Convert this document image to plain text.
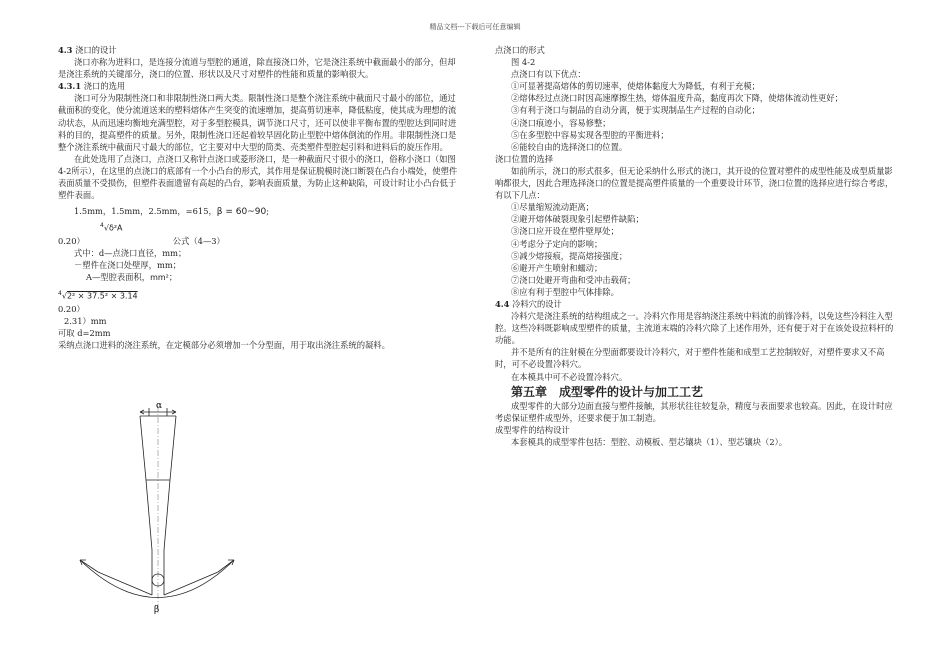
精品文档---下载后可任意编辑

4.3 浇口的设计

浇口亦称为进料口，是连接分流道与型腔的通道，除直接浇口外，它是浇注系统中截面最小的部分，但却是浇注系统的关键部分，浇口的位置、形状以及尺寸对塑件的性能和质量的影响很大。

4.3.1 浇口的选用

浇口可分为限制性浇口和非限制性浇口两大类。限制性浇口是整个浇注系统中截面尺寸最小的部位，通过截面积的变化，使分流道送来的塑料熔体产生突变的流速增加，提高剪切速率，降低粘度，使其成为理想的流动状态，从而迅速均衡地充满型腔，对于多型腔模具，调节浇口尺寸，还可以使非平衡布置的型腔达到同时进料的目的，提高塑件的质量。另外，限制性浇口还起着较早固化防止型腔中熔体倒流的作用。非限制性浇口是整个浇注系统中截面尺寸最大的部位，它主要对中大型的筒类、壳类塑件型腔起引料和进料后的旋压作用。

在此处选用了点浇口，点浇口又称针点浇口或菱形浇口，是一种截面尺寸很小的浇口，俗称小浇口（如图4-2所示），在这里的点浇口的底部有一个小凸台的形式，其作用是保证脱模时浇口断裂在凸台小端处，使塑件表面质量不受损伤，但塑件表面遗留有高起的凸台，影响表面质量，为防止这种缺陷，可设计时让小凸台低于塑件表面。

1.5mm，1.5mm，2.5mm，=615，β = 60~90;

$^4$√δ²A

0.20）	公式（4—3）

式中：d—点浇口直径，mm；

－塑件在浇口处壁厚，mm；

A—型腔表面积，mm²；

$^4$√2² × 37.5² × 3.14

0.20）

2.31）mm

可取 d=2mm

采纳点浇口进料的浇注系统，在定模部分必须增加一个分型面，用于取出浇注系统的凝料。

α
β

点浇口的形式

图 4-2

点浇口有以下优点：

①可显著提高熔体的剪切速率，使熔体黏度大为降低，有利于充模；

②熔体经过点浇口时因高速摩擦生热，熔体温度升高，黏度再次下降，使熔体流动性更好；

③有利于浇口与制品的自动分离，便于实现制品生产过程的自动化；

④浇口痕迹小，容易修整；

⑤在多型腔中容易实现各型腔的平衡进料；

⑥能较自由的选择浇口的位置。

浇口位置的选择

如前所示，浇口的形式很多，但无论采纳什么形式的浇口，其开设的位置对塑件的成型性能及成型质量影响都很大，因此合理选择浇口的位置是提高塑件质量的一个重要设计环节，浇口位置的选择应进行综合考虑，有以下几点：

①尽量缩短流动距离；

②避开熔体破裂现象引起塑件缺陷；

③浇口应开设在塑件壁厚处；

④考虑分子定向的影响；

⑤减少熔接痕，提高熔接强度；

⑥避开产生喷射和蠕动；

⑦浇口处避开弯曲和受冲击载荷；

⑧应有利于型腔中气体排除。

4.4 冷料穴的设计

冷料穴是浇注系统的结构组成之一。冷料穴作用是容纳浇注系统中料流的前锋冷料，以免这些冷料注入型腔。这些冷料既影响成型塑件的质量，主流道末端的冷料穴除了上述作用外，还有便于对于在该处设拉料杆的功能。

并不是所有的注射模在分型面都要设计冷料穴，对于塑件性能和成型工艺控制较好，对塑件要求又不高时，可不必设置冷料穴。

在本模具中可不必设置冷料穴。

第五章　成型零件的设计与加工工艺

成型零件的大部分边面直接与塑件接触，其形状往往较复杂，精度与表面要求也较高。因此，在设计时应考虑保证塑件成型外，还要求便于加工制造。

成型零件的结构设计

本套模具的成型零件包括：型腔、动模板、型芯镶块（1）、型芯镶块（2）。
